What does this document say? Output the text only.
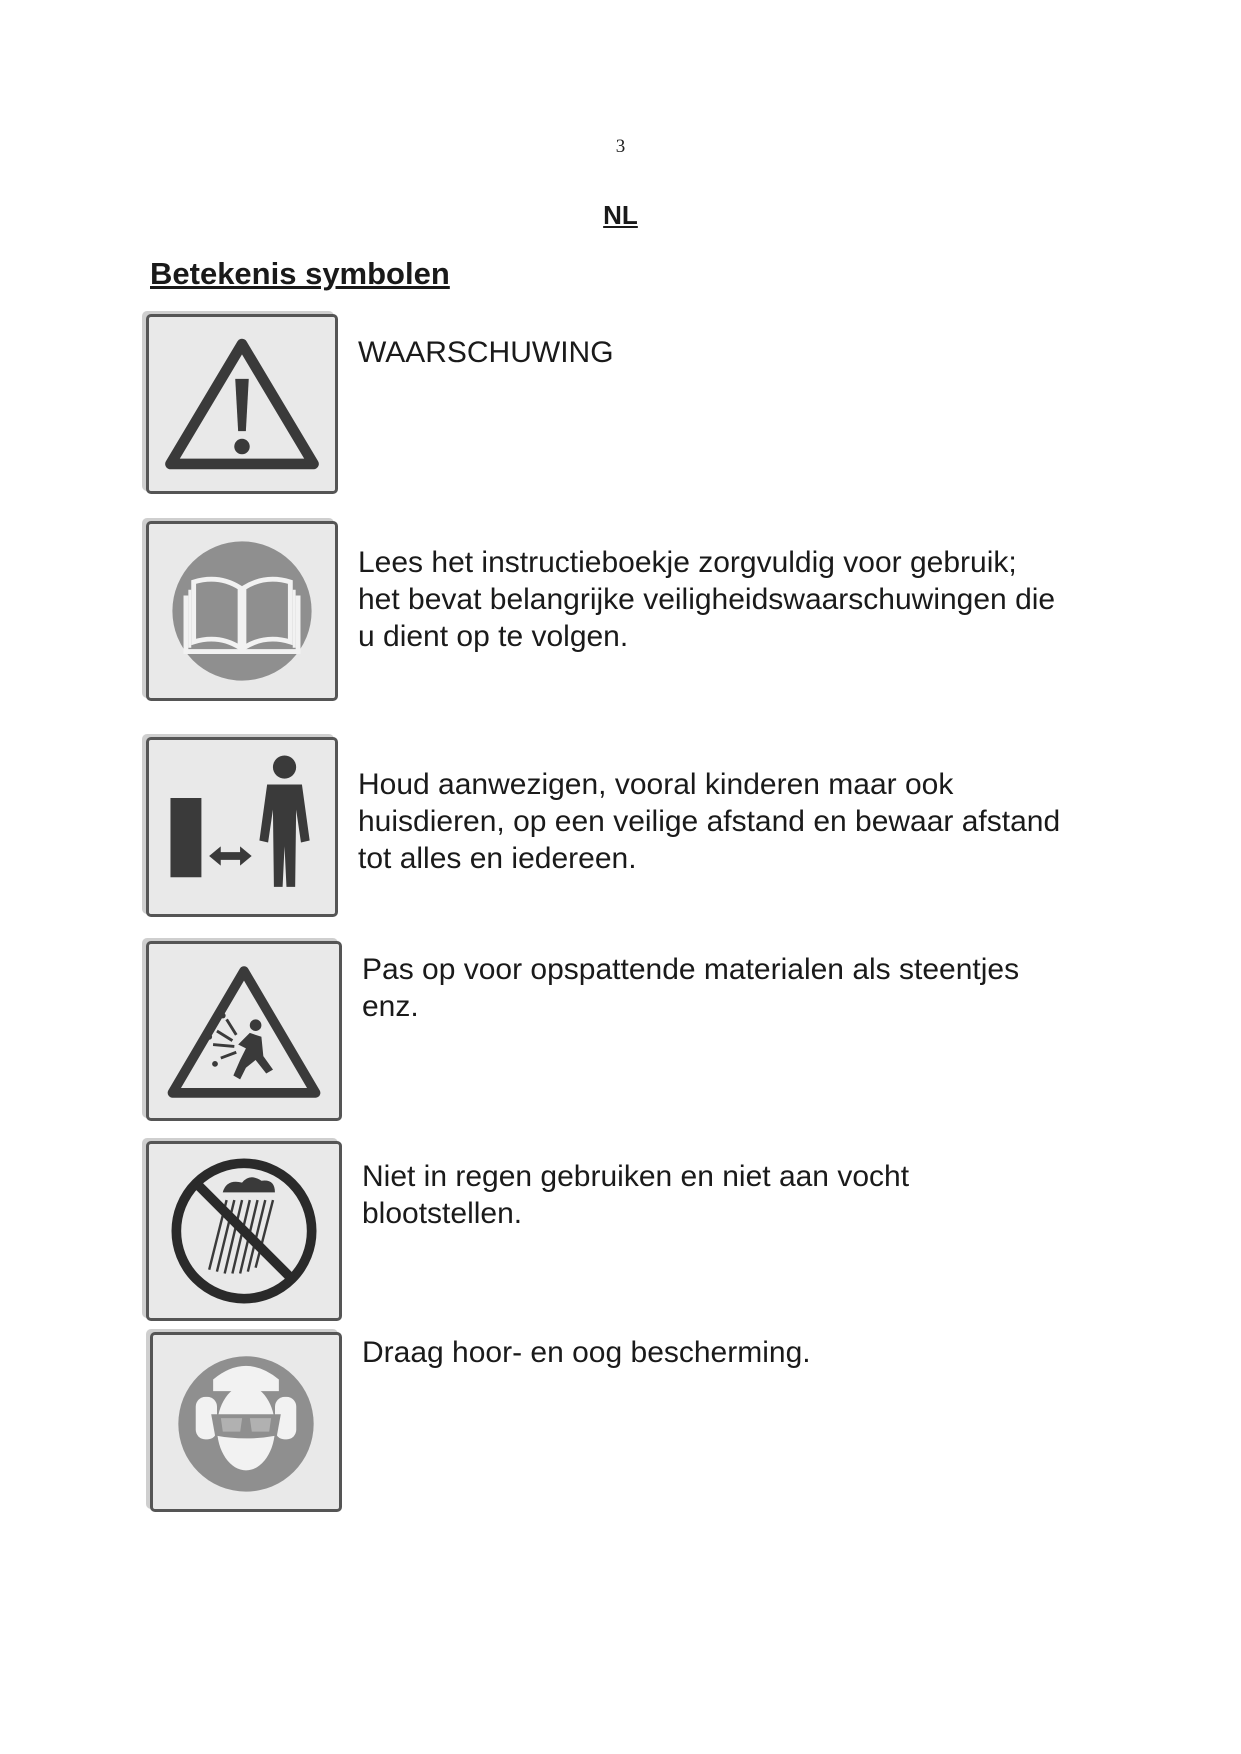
3
NL
Betekenis symbolen
WAARSCHUWING
Lees het instructieboekje zorgvuldig voor gebruik;
het bevat belangrijke veiligheidswaarschuwingen die
u dient op te volgen.
Houd aanwezigen, vooral kinderen maar ook
huisdieren, op een veilige afstand en bewaar afstand
tot alles en iedereen.
Pas op voor opspattende materialen als steentjes
enz.
Niet in regen gebruiken en niet aan vocht
blootstellen.
Draag hoor- en oog bescherming.
